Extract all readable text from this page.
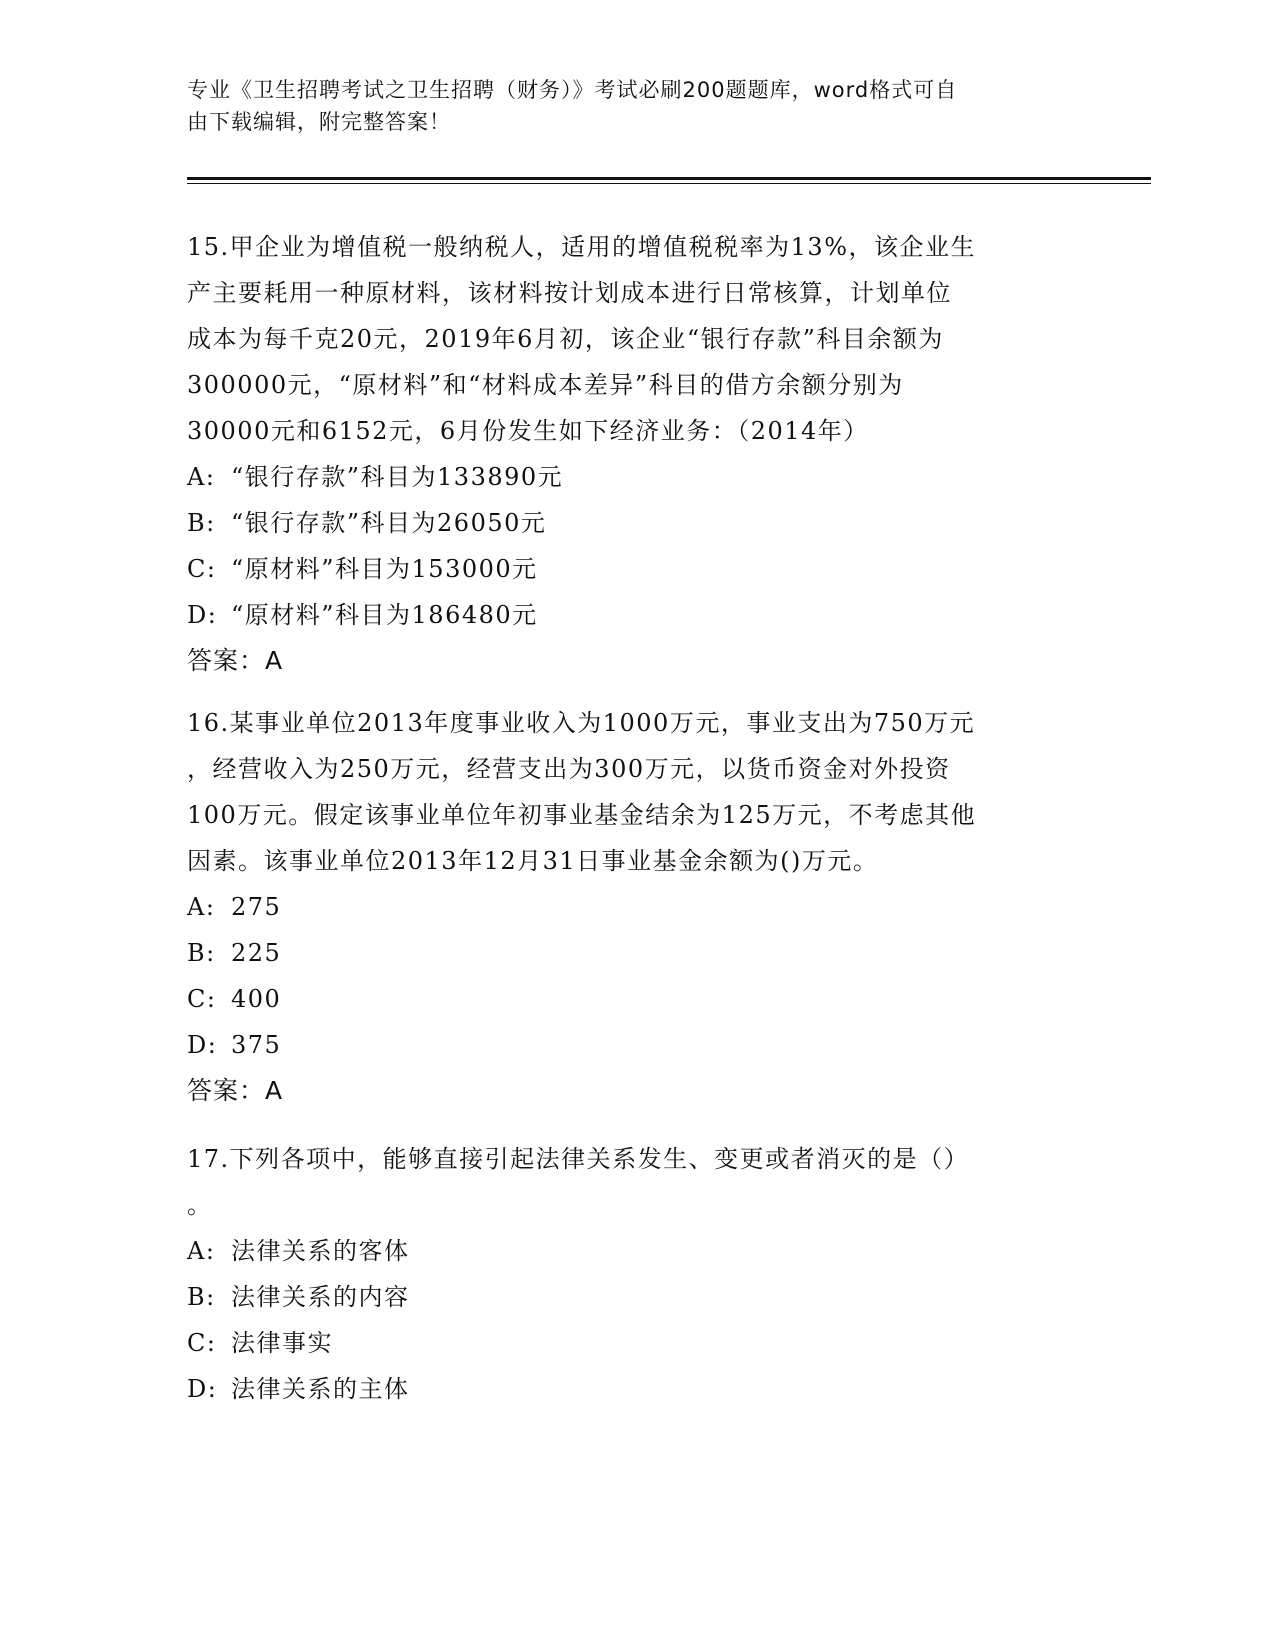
专业《卫生招聘考试之卫生招聘（财务）》考试必刷200题题库，word格式可自
由下载编辑，附完整答案！
15.甲企业为增值税一般纳税人，适用的增值税税率为13%，该企业生
产主要耗用一种原材料，该材料按计划成本进行日常核算，计划单位
成本为每千克20元，2019年6月初，该企业“银行存款”科目余额为
300000元，“原材料”和“材料成本差异”科目的借方余额分别为
30000元和6152元，6月份发生如下经济业务：（2014年）
A: “银行存款”科目为133890元
B: “银行存款”科目为26050元
C: “原材料”科目为153000元
D: “原材料”科目为186480元
答案：A
16.某事业单位2013年度事业收入为1000万元，事业支出为750万元
，经营收入为250万元，经营支出为300万元，以货币资金对外投资
100万元。假定该事业单位年初事业基金结余为125万元，不考虑其他
因素。该事业单位2013年12月31日事业基金余额为()万元。
A: 275
B: 225
C: 400
D: 375
答案：A
17.下列各项中，能够直接引起法律关系发生、变更或者消灭的是（）
。
A: 法律关系的客体
B: 法律关系的内容
C: 法律事实
D: 法律关系的主体
